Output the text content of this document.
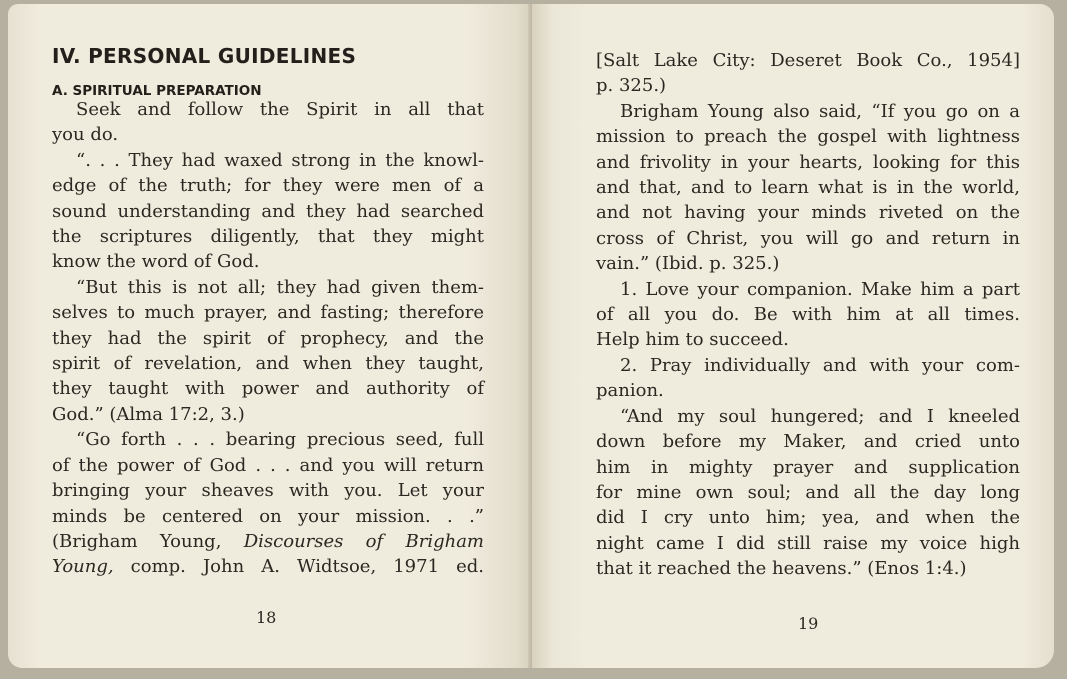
IV. PERSONAL GUIDELINES
A. SPIRITUAL PREPARATION
Seek and follow the Spirit in all that
you do.
“. . . They had waxed strong in the knowl-
edge of the truth; for they were men of a
sound understanding and they had searched
the scriptures diligently, that they might
know the word of God.
“But this is not all; they had given them-
selves to much prayer, and fasting; therefore
they had the spirit of prophecy, and the
spirit of revelation, and when they taught,
they taught with power and authority of
God.” (Alma 17:2, 3.)
“Go forth . . . bearing precious seed, full
of the power of God . . . and you will return
bringing your sheaves with you. Let your
minds be centered on your mission. . .”
(Brigham Young, Discourses of Brigham
Young, comp. John A. Widtsoe, 1971 ed.
18
[Salt Lake City: Deseret Book Co., 1954]
p. 325.)
Brigham Young also said, “If you go on a
mission to preach the gospel with lightness
and frivolity in your hearts, looking for this
and that, and to learn what is in the world,
and not having your minds riveted on the
cross of Christ, you will go and return in
vain.” (Ibid. p. 325.)
1. Love your companion. Make him a part
of all you do. Be with him at all times.
Help him to succeed.
2. Pray individually and with your com-
panion.
“And my soul hungered; and I kneeled
down before my Maker, and cried unto
him in mighty prayer and supplication
for mine own soul; and all the day long
did I cry unto him; yea, and when the
night came I did still raise my voice high
that it reached the heavens.” (Enos 1:4.)
19
